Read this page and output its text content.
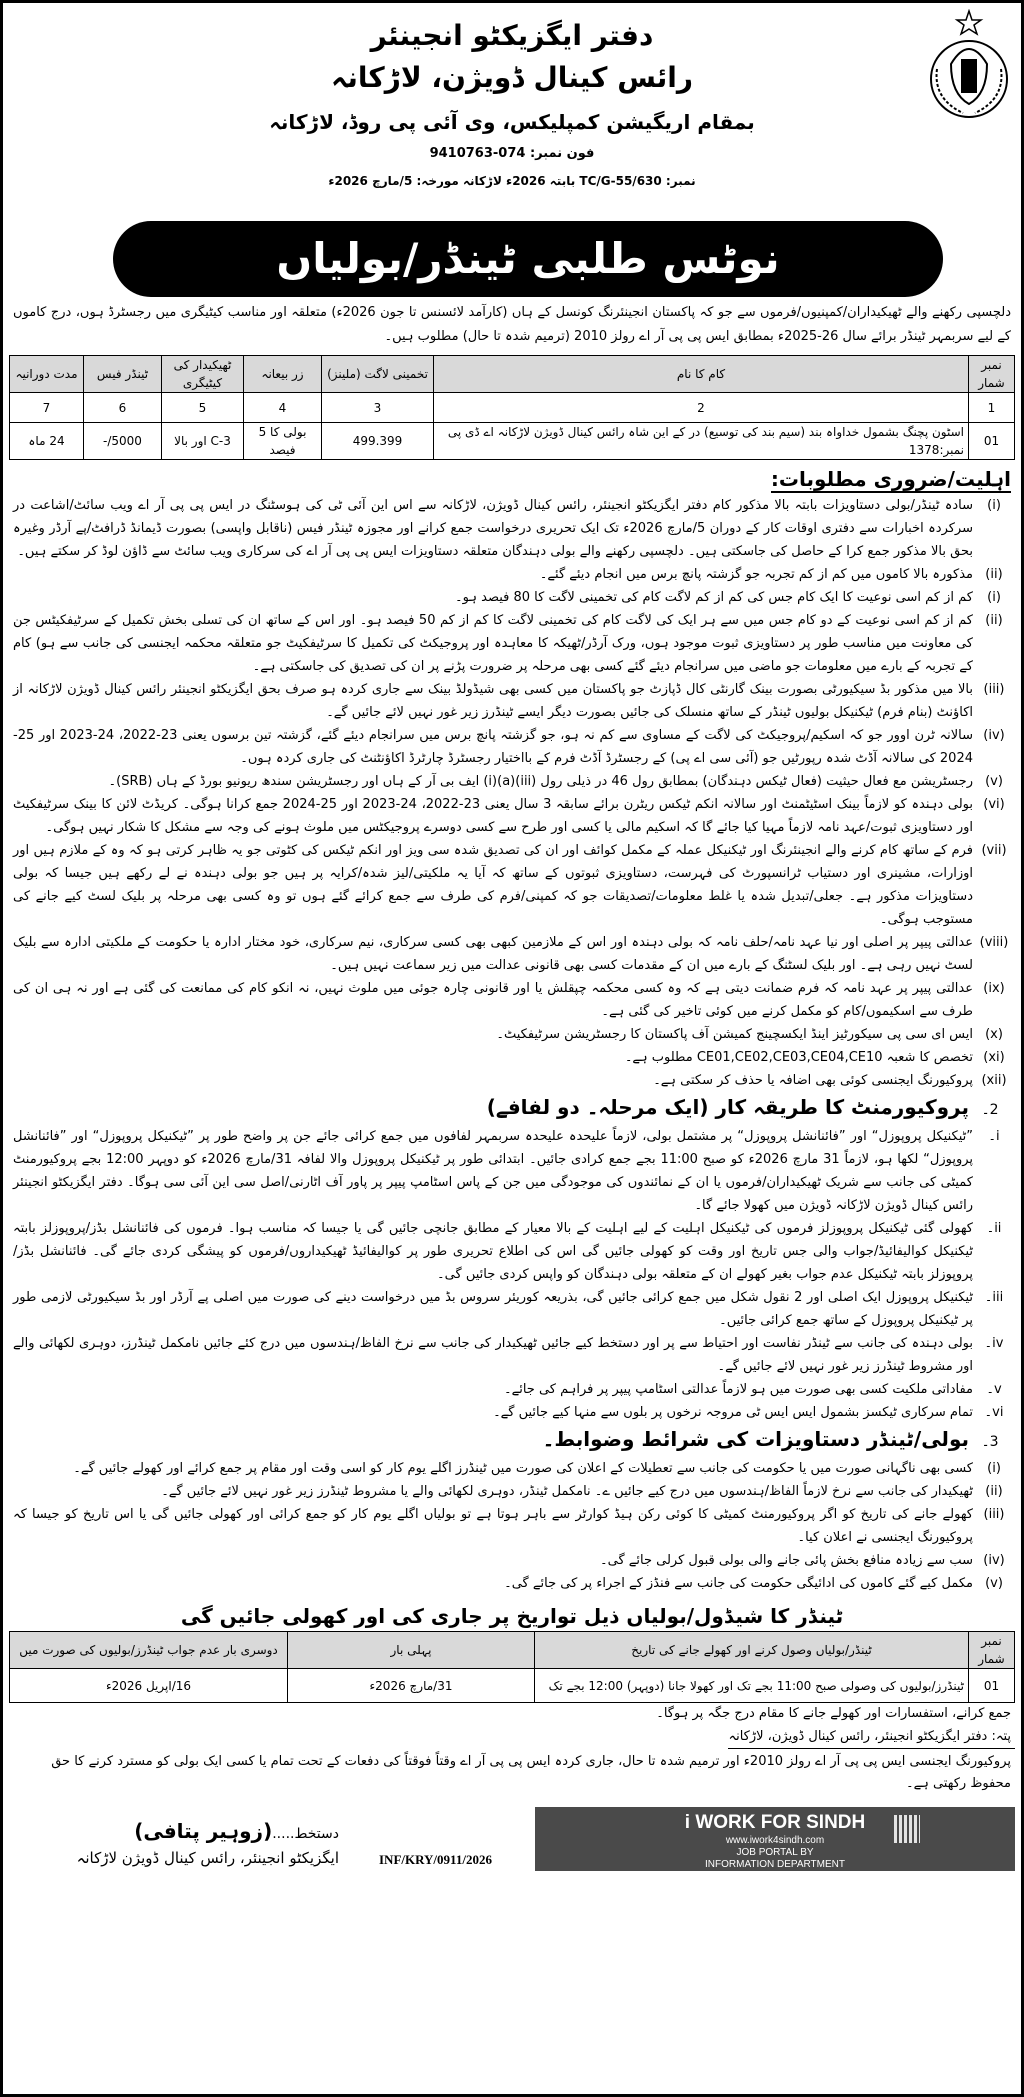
دفتر ایگزیکٹو انجینئر
رائس کینال ڈویژن، لاڑکانہ
بمقام اریگیشن کمپلیکس، وی آئی پی روڈ، لاڑکانہ
فون نمبر: 074-9410763
نمبر: TC/G-55/630 بابتہ 2026ء لاڑکانہ مورخہ: 5/مارچ 2026ء
نوٹس طلبی ٹینڈر/بولیاں
دلچسپی رکھنے والے ٹھیکیداران/کمپنیوں/فرموں سے جو کہ پاکستان انجینئرنگ کونسل کے ہاں (کارآمد لائسنس تا جون 2026ء) متعلقہ اور مناسب کیٹیگری میں رجسٹرڈ ہوں، درج کاموں کے لیے سربمہر ٹینڈر برائے سال 26-2025ء بمطابق ایس پی پی آر اے رولز 2010 (ترمیم شدہ تا حال) مطلوب ہیں۔
نمبر شمار	کام کا نام	تخمینی لاگت (ملینز)	زر بیعانہ	ٹھیکیدار کی کیٹیگری	ٹینڈر فیس	مدت دورانیہ
1	2	3	4	5	6	7
01	اسٹون پچنگ بشمول خداواہ بند (سیم بند کی توسیع) در کے این شاہ رائس کینال ڈویژن لاڑکانہ اے ڈی پی نمبر:1378	499.399	بولی کا 5 فیصد	C-3 اور بالا	5000/-	24 ماہ
اہلیت/ضروری مطلوبات:
(i)
سادہ ٹینڈر/بولی دستاویزات بابتہ بالا مذکور کام دفتر ایگزیکٹو انجینئر، رائس کینال ڈویژن، لاڑکانہ سے اس این آئی ٹی کی ہوسٹنگ در ایس پی پی آر اے ویب سائٹ/اشاعت در سرکردہ اخبارات سے دفتری اوقات کار کے دوران 5/مارچ 2026ء تک ایک تحریری درخواست جمع کرانے اور مجوزہ ٹینڈر فیس (ناقابل واپسی) بصورت ڈیمانڈ ڈرافٹ/پے آرڈر وغیرہ بحق بالا مذکور جمع کرا کے حاصل کی جاسکتی ہیں۔ دلچسپی رکھنے والے بولی دہندگان متعلقہ دستاویزات ایس پی پی آر اے کی سرکاری ویب سائٹ سے ڈاؤن لوڈ کر سکتے ہیں۔
(ii)
مذکورہ بالا کاموں میں کم از کم تجربہ جو گزشتہ پانچ برس میں انجام دیئے گئے۔
(i)
کم از کم اسی نوعیت کا ایک کام جس کی کم از کم لاگت کام کی تخمینی لاگت کا 80 فیصد ہو۔
(ii)
کم از کم اسی نوعیت کے دو کام جس میں سے ہر ایک کی لاگت کام کی تخمینی لاگت کا کم از کم 50 فیصد ہو۔ اور اس کے ساتھ ان کی تسلی بخش تکمیل کے سرٹیفکیٹس جن کی معاونت میں مناسب طور پر دستاویزی ثبوت موجود ہوں، ورک آرڈر/ٹھیکہ کا معاہدہ اور پروجیکٹ کی تکمیل کا سرٹیفکیٹ جو متعلقہ محکمہ ایجنسی کی جانب سے ہو) کام کے تجربہ کے بارے میں معلومات جو ماضی میں سرانجام دیئے گئے کسی بھی مرحلہ پر ضرورت پڑنے پر ان کی تصدیق کی جاسکتی ہے۔
(iii)
بالا میں مذکور بڈ سیکیورٹی بصورت بینک گارنٹی کال ڈپازٹ جو پاکستان میں کسی بھی شیڈولڈ بینک سے جاری کردہ ہو صرف بحق ایگزیکٹو انجینئر رائس کینال ڈویژن لاڑکانہ از اکاؤنٹ (بنام فرم) ٹیکنیکل بولیوں ٹینڈر کے ساتھ منسلک کی جائیں بصورت دیگر ایسے ٹینڈرز زیر غور نہیں لائے جائیں گے۔
(iv)
سالانہ ٹرن اوور جو کہ اسکیم/پروجیکٹ کی لاگت کے مساوی سے کم نہ ہو، جو گزشتہ پانچ برس میں سرانجام دیئے گئے، گزشتہ تین برسوں یعنی 23-2022، 24-2023 اور 25-2024 کی سالانہ آڈٹ شدہ رپورٹیں جو (آئی سی اے پی) کے رجسٹرڈ آڈٹ فرم کے بااختیار رجسٹرڈ چارٹرڈ اکاؤنٹنٹ کی جاری کردہ ہوں۔
(v)
رجسٹریشن مع فعال حیثیت (فعال ٹیکس دہندگان) بمطابق رول 46 در ذیلی رول (iii)(a)(i) ایف بی آر کے ہاں اور رجسٹریشن سندھ ریونیو بورڈ کے ہاں (SRB)۔
(vi)
بولی دہندہ کو لازماً بینک اسٹیٹمنٹ اور سالانہ انکم ٹیکس ریٹرن برائے سابقہ 3 سال یعنی 23-2022، 24-2023 اور 25-2024 جمع کرانا ہوگی۔ کریڈٹ لائن کا بینک سرٹیفکیٹ اور دستاویزی ثبوت/عہد نامہ لازماً مہیا کیا جائے گا کہ اسکیم مالی یا کسی اور طرح سے کسی دوسرے پروجیکٹس میں ملوث ہونے کی وجہ سے مشکل کا شکار نہیں ہوگی۔
(vii)
فرم کے ساتھ کام کرنے والے انجینئرنگ اور ٹیکنیکل عملہ کے مکمل کوائف اور ان کی تصدیق شدہ سی ویز اور انکم ٹیکس کی کٹوتی جو یہ ظاہر کرتی ہو کہ وہ کے ملازم ہیں اور اوزارات، مشینری اور دستیاب ٹرانسپورٹ کی فہرست، دستاویزی ثبوتوں کے ساتھ کہ آیا یہ ملکیتی/لیز شدہ/کرایہ پر ہیں جو بولی دہندہ نے لے رکھے ہیں جیسا کہ بولی دستاویزات مذکور ہے۔ جعلی/تبدیل شدہ یا غلط معلومات/تصدیقات جو کہ کمپنی/فرم کی طرف سے جمع کرائے گئے ہوں تو وہ کسی بھی مرحلہ پر بلیک لسٹ کیے جانے کی مستوجب ہوگی۔
(viii)
عدالتی پیپر پر اصلی اور نیا عہد نامہ/حلف نامہ کہ بولی دہندہ اور اس کے ملازمین کبھی بھی کسی سرکاری، نیم سرکاری، خود مختار ادارہ یا حکومت کے ملکیتی ادارہ سے بلیک لسٹ نہیں رہی ہے۔ اور بلیک لسٹنگ کے بارے میں ان کے مقدمات کسی بھی قانونی عدالت میں زیر سماعت نہیں ہیں۔
(ix)
عدالتی پیپر پر عہد نامہ کہ فرم ضمانت دیتی ہے کہ وہ کسی محکمہ چپقلش یا اور قانونی چارہ جوئی میں ملوث نہیں، نہ انکو کام کی ممانعت کی گئی ہے اور نہ ہی ان کی طرف سے اسکیموں/کام کو مکمل کرنے میں کوئی تاخیر کی گئی ہے۔
(x)
ایس ای سی پی سیکورٹیز اینڈ ایکسچینج کمیشن آف پاکستان کا رجسٹریشن سرٹیفکیٹ۔
(xi)
تخصص کا شعبہ CE01,CE02,CE03,CE04,CE10 مطلوب ہے۔
(xii)
پروکیورنگ ایجنسی کوئی بھی اضافہ یا حذف کر سکتی ہے۔
2۔پروکیورمنٹ کا طریقہ کار (ایک مرحلہ۔ دو لفافے)
i۔
”ٹیکنیکل پروپوزل“ اور ”فائنانشل پروپوزل“ پر مشتمل بولی، لازماً علیحدہ علیحدہ سربمہر لفافوں میں جمع کرائی جائے جن پر واضح طور پر ”ٹیکنیکل پروپوزل“ اور ”فائنانشل پروپوزل“ لکھا ہو، لازماً 31 مارچ 2026ء کو صبح 11:00 بجے جمع کرادی جائیں۔ ابتدائی طور پر ٹیکنیکل پروپوزل والا لفافہ 31/مارچ 2026ء کو دوپہر 12:00 بجے پروکیورمنٹ کمیٹی کی جانب سے شریک ٹھیکیداران/فرموں یا ان کے نمائندوں کی موجودگی میں جن کے پاس اسٹامپ پیپر پر پاور آف اٹارنی/اصل سی این آئی سی ہوگا۔ دفتر ایگزیکٹو انجینئر رائس کینال ڈویژن لاڑکانہ ڈویژن میں کھولا جائے گا۔
ii۔
کھولی گئی ٹیکنیکل پروپوزلز فرموں کی ٹیکنیکل اہلیت کے لیے اہلیت کے بالا معیار کے مطابق جانچی جائیں گی یا جیسا کہ مناسب ہوا۔ فرموں کی فائنانشل بڈز/پروپوزلز بابتہ ٹیکنیکل کوالیفائیڈ/جواب والی جس تاریخ اور وقت کو کھولی جائیں گی اس کی اطلاع تحریری طور پر کوالیفائیڈ ٹھیکیداروں/فرموں کو پیشگی کردی جائے گی۔ فائنانشل بڈز/پروپوزلز بابتہ ٹیکنیکل عدم جواب بغیر کھولے ان کے متعلقہ بولی دہندگان کو واپس کردی جائیں گی۔
iii۔
ٹیکنیکل پروپوزل ایک اصلی اور 2 نقول شکل میں جمع کرائی جائیں گی، بذریعہ کوریئر سروس بڈ میں درخواست دینے کی صورت میں اصلی پے آرڈر اور بڈ سیکیورٹی لازمی طور پر ٹیکنیکل پروپوزل کے ساتھ جمع کرائی جائیں۔
iv۔
بولی دہندہ کی جانب سے ٹینڈر نفاست اور احتیاط سے پر اور دستخط کیے جائیں ٹھیکیدار کی جانب سے نرخ الفاظ/ہندسوں میں درج کئے جائیں نامکمل ٹینڈرز، دوہری لکھائی والے اور مشروط ٹینڈرز زیر غور نہیں لائے جائیں گے۔
v۔
مفاداتی ملکیت کسی بھی صورت میں ہو لازماً عدالتی اسٹامپ پیپر پر فراہم کی جائے۔
vi۔
تمام سرکاری ٹیکسز بشمول ایس ایس ٹی مروجہ نرخوں پر بلوں سے منہا کیے جائیں گے۔
3۔بولی/ٹینڈر دستاویزات کی شرائط وضوابط۔
(i)
کسی بھی ناگہانی صورت میں یا حکومت کی جانب سے تعطیلات کے اعلان کی صورت میں ٹینڈرز اگلے یوم کار کو اسی وقت اور مقام پر جمع کرائے اور کھولے جائیں گے۔
(ii)
ٹھیکیدار کی جانب سے نرخ لازماً الفاظ/ہندسوں میں درج کیے جائیں ے۔ نامکمل ٹینڈر، دوہری لکھائی والے یا مشروط ٹینڈرز زیر غور نہیں لائے جائیں گے۔
(iii)
کھولے جانے کی تاریخ کو اگر پروکیورمنٹ کمیٹی کا کوئی رکن ہیڈ کوارٹر سے باہر ہوتا ہے تو بولیاں اگلے یوم کار کو جمع کرائی اور کھولی جائیں گی یا اس تاریخ کو جیسا کہ پروکیورنگ ایجنسی نے اعلان کیا۔
(iv)
سب سے زیادہ منافع بخش پائی جانے والی بولی قبول کرلی جائے گی۔
(v)
مکمل کیے گئے کاموں کی ادائیگی حکومت کی جانب سے فنڈز کے اجراء پر کی جائے گی۔
ٹینڈر کا شیڈول/بولیاں ذیل تواریخ پر جاری کی اور کھولی جائیں گی
نمبر شمار	ٹینڈر/بولیاں وصول کرنے اور کھولے جانے کی تاریخ	پہلی بار	دوسری بار عدم جواب ٹینڈرز/بولیوں کی صورت میں
01	ٹینڈرز/بولیوں کی وصولی صبح 11:00 بجے تک اور کھولا جانا (دوپہر) 12:00 بجے تک	31/مارچ 2026ء	16/اپریل 2026ء
جمع کرانے، استفسارات اور کھولے جانے کا مقام درج جگہ پر ہوگا۔
پتہ: دفتر ایگزیکٹو انجینئر، رائس کینال ڈویژن، لاڑکانہ
پروکیورنگ ایجنسی ایس پی پی آر اے رولز 2010ء اور ترمیم شدہ تا حال، جاری کردہ ایس پی پی آر اے وقتاً فوقتاً کی دفعات کے تحت تمام یا کسی ایک بولی کو مسترد کرنے کا حق محفوظ رکھتی ہے۔
دستخط.....(زوہیر پتافی)
ایگزیکٹو انجینئر، رائس کینال ڈویژن لاڑکانہ	INF/KRY/0911/2026
i WORK FOR SINDH
www.iwork4sindh.com
JOB PORTAL BY
INFORMATION DEPARTMENT
